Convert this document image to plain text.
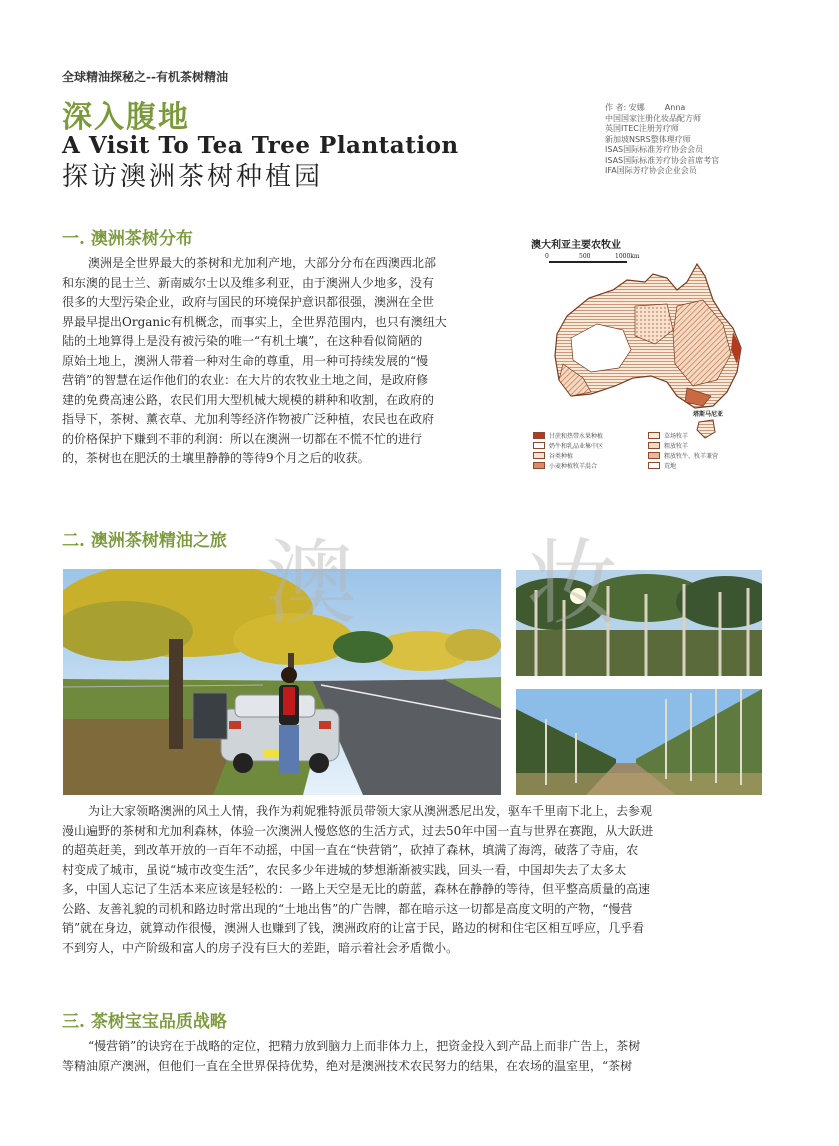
全球精油探秘之--有机茶树精油
深入腹地
A Visit To Tea Tree Plantation
探访澳洲茶树种植园
作 者: 安娜	Anna
中国国家注册化妆品配方师
英国ITEC注册芳疗师
新加坡NSRS整体理疗师
ISAS国际标准芳疗协会会员
ISAS国际标准芳疗协会首席考官
IFA国际芳疗协会企业会员
一. 澳洲茶树分布
澳洲是全世界最大的茶树和尤加利产地，大部分分布在西澳西北部
和东澳的昆士兰、新南威尔士以及维多利亚，由于澳洲人少地多，没有
很多的大型污染企业，政府与国民的环境保护意识都很强，澳洲在全世
界最早提出Organic有机概念，而事实上，全世界范围内，也只有澳纽大
陆的土地算得上是没有被污染的唯一“有机土壤”，在这种看似简陋的
原始土地上，澳洲人带着一种对生命的尊重，用一种可持续发展的“慢
营销”的智慧在运作他们的农业：在大片的农牧业土地之间，是政府修
建的免费高速公路，农民们用大型机械大规模的耕种和收割，在政府的
指导下，茶树、薰衣草、尤加利等经济作物被广泛种植，农民也在政府
的价格保护下赚到不菲的利润：所以在澳洲一切都在不慌不忙的进行
的，茶树也在肥沃的土壤里静静的等待9个月之后的收获。
澳大利亚主要农牧业
0	500	1000km
塔斯马尼亚
甘蔗和热带水果种植	草场牧羊
奶牛和乳品业集中区	粗放牧羊
谷类种植	粗放牧牛、牧羊兼营
小麦种植牧羊混合	荒地
二. 澳洲茶树精油之旅 澳 妆
为让大家领略澳洲的风土人情，我作为莉妮雅特派员带领大家从澳洲悉尼出发，驱车千里南下北上，去参观
漫山遍野的茶树和尤加利森林，体验一次澳洲人慢悠悠的生活方式，过去50年中国一直与世界在赛跑，从大跃进
的超英赶美，到改革开放的一百年不动摇，中国一直在“快营销”，砍掉了森林，填满了海湾，破落了寺庙，农
村变成了城市，虽说“城市改变生活”，农民多少年进城的梦想渐渐被实践，回头一看，中国却失去了太多太
多，中国人忘记了生活本来应该是轻松的：一路上天空是无比的蔚蓝，森林在静静的等待，但平整高质量的高速
公路、友善礼貌的司机和路边时常出现的“土地出售”的广告牌，都在暗示这一切都是高度文明的产物，“慢营
销”就在身边，就算动作很慢，澳洲人也赚到了钱，澳洲政府的让富于民，路边的树和住宅区相互呼应，几乎看
不到穷人，中产阶级和富人的房子没有巨大的差距，暗示着社会矛盾微小。
三. 茶树宝宝品质战略
“慢营销”的诀窍在于战略的定位，把精力放到脑力上而非体力上，把资金投入到产品上而非广告上，茶树
等精油原产澳洲，但他们一直在全世界保持优势，绝对是澳洲技术农民努力的结果，在农场的温室里，“茶树
